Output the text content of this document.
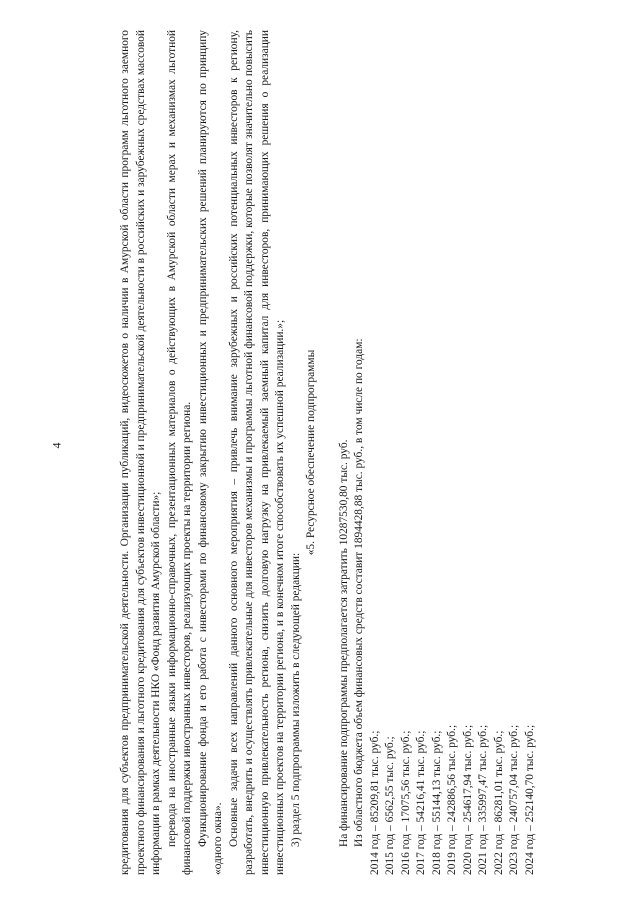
4	кредитования для субъектов предпринимательской деятельности. Организации публикаций, видеосюжетов о наличии в Амурской области программ льготного заемного проектного финансирования и льготного кредитования для субъектов инвестиционной и предпринимательской деятельности в российских и зарубежных средствах массовой информации в рамках деятельности НКО «Фонд развития Амурской области»; перевода на иностранные языки информационно-справочных, презентационных материалов о действующих в Амурской области мерах и механизмах льготной финансовой поддержки иностранных инвесторов, реализующих проекты на территории региона. Функционирование фонда и его работа с инвесторами по финансовому закрытию инвестиционных и предпринимательских решений планируются по принципу «одного окна». Основные задачи всех направлений данного основного мероприятия – привлечь внимание зарубежных и российских потенциальных инвесторов к региону, разработать, внедрить и осуществлять привлекательные для инвесторов механизмы и программы льготной финансовой поддержки, которые позволят значительно повысить инвестиционную привлекательность региона, снизить долговую нагрузку на привлекаемый заемный капитал для инвесторов, принимающих решения о реализации инвестиционных проектов на территории региона, и в конечном итоге способствовать их успешной реализации.»; 3) раздел 5 подпрограммы изложить в следующей редакции:

«5. Ресурсное обеспечение подпрограммы На финансирование подпрограммы предполагается затратить 10287530,80 тыс. руб. Из областного бюджета объем финансовых средств составит 1894428,88 тыс. руб., в том числе по годам: 2014 год – 85209,81 тыс. руб.; 2015 год – 6562,55 тыс. руб.; 2016 год – 17075,56 тыс. руб.; 2017 год – 54216,41 тыс. руб.; 2018 год – 55144,13 тыс. руб.; 2019 год – 242886,56 тыс. руб.; 2020 год – 254617,94 тыс. руб.; 2021 год – 335997,47 тыс. руб.; 2022 год – 86281,01 тыс. руб.; 2023 год – 240757,04 тыс. руб.; 2024 год – 252140,70 тыс. руб.;
